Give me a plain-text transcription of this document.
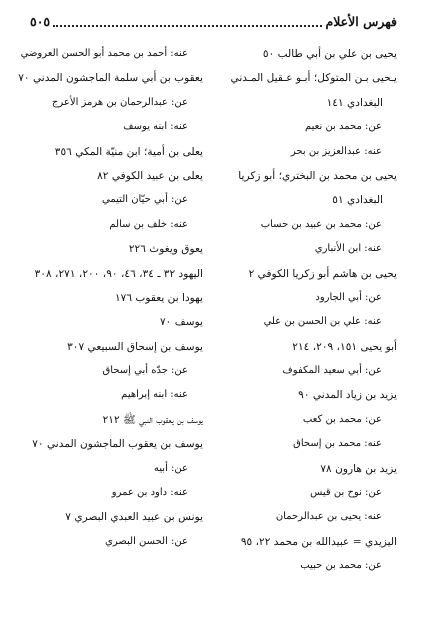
فهرس الأعلام
٥٠٥
يحيى بن علي بن أبي طالب ٥٠
يـحيى بـن المتوكل؛ أبـو عـقيل المـدني
البغدادي ١٤١
عن: محمد بن نعيم
عنه: عبدالعزيز بن بحر
يحيى بن محمد بن البختري؛ أبو زكريا
البغدادي ٥١
عن: محمد بن عبيد بن حساب
عنه: ابن الأنباري
يحيى بن هاشم أبو زكريا الكوفي ٢
عن: أبي الجارود
عنه: علي بن الحسن بن علي
أبو يحيى ١٥١، ٢٠٩، ٢١٤
عن: أبي سعيد المكفوف
يزيد بن زياد المدني ٩٠
عن: محمد بن كعب
عنه: محمد بن إسحاق
يزيد بن هارون ٧٨
عن: نوح بن قيس
عنه: يحيى بن عبدالرحمان
اليزيدي = عبيدالله بن محمد ٢٢، ٩٥
عن: محمد بن حبيب
عنه: أحمد بن محمد أبو الحسن العروضي
يعقوب بن أبي سلمة الماجشون المدني ٧٠
عن: عبدالرحمان بن هرمز الأعرج
عنه: ابنه يوسف
يعلى بن أمية؛ ابن منيّة المكي ٣٥٦
يعلى بن عبيد الكوفي ٨٢
عن: أبي حيّان التيمي
عنه: خلف بن سالم
يعوق ويغوث ٢٢٦
اليهود ٣٢ ـ ٣٤، ٤٦، ٩٠، ٢٠٠، ٢٧١، ٣٠٨
يهودا بن يعقوب ١٧٦
يوسف ٧٠
يوسف بن إسحاق السبيعي ٣٠٧
عن: جدّه أبي إسحاق
عنه: ابنه إبراهيم
يوسف بن يعقوب النبي ﷺ ٢١٢
يوسف بن يعقوب الماجشون المدني ٧٠
عن: أبيه
عنه: داود بن عمرو
يونس بن عبيد العبدي البصري ٧
عن: الحسن البصري
